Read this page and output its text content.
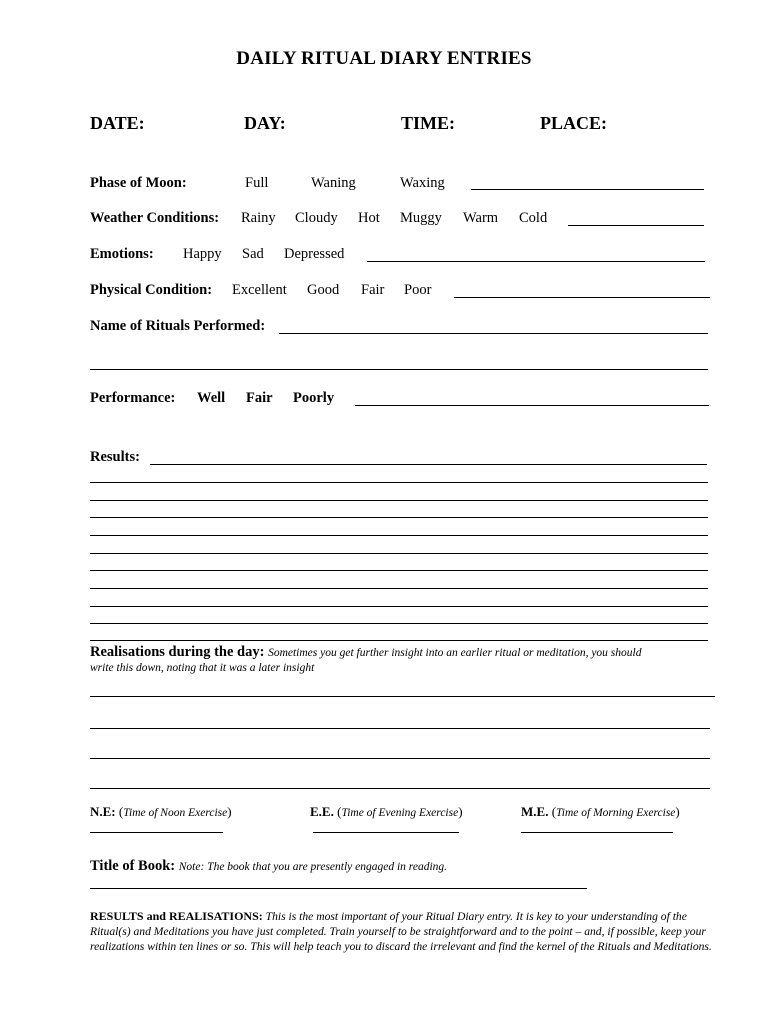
DAILY RITUAL DIARY ENTRIES
DATE:	DAY:	TIME:	PLACE:
Phase of Moon:	Full	Waning	Waxing
Weather Conditions: Rainy Cloudy Hot Muggy Warm Cold
Emotions: Happy Sad Depressed
Physical Condition: Excellent Good Fair Poor
Name of Rituals Performed:
Performance: Well Fair Poorly
Results:
Realisations during the day: Sometimes you get further insight into an earlier ritual or meditation, you should
write this down, noting that it was a later insight
N.E: (Time of Noon Exercise)	E.E. (Time of Evening Exercise)	M.E. (Time of Morning Exercise)
Title of Book: Note: The book that you are presently engaged in reading.
RESULTS and REALISATIONS: This is the most important of your Ritual Diary entry. It is key to your understanding of the Ritual(s) and Meditations you have just completed. Train yourself to be straightforward and to the point – and, if possible, keep your realizations within ten lines or so. This will help teach you to discard the irrelevant and find the kernel of the Rituals and Meditations.
